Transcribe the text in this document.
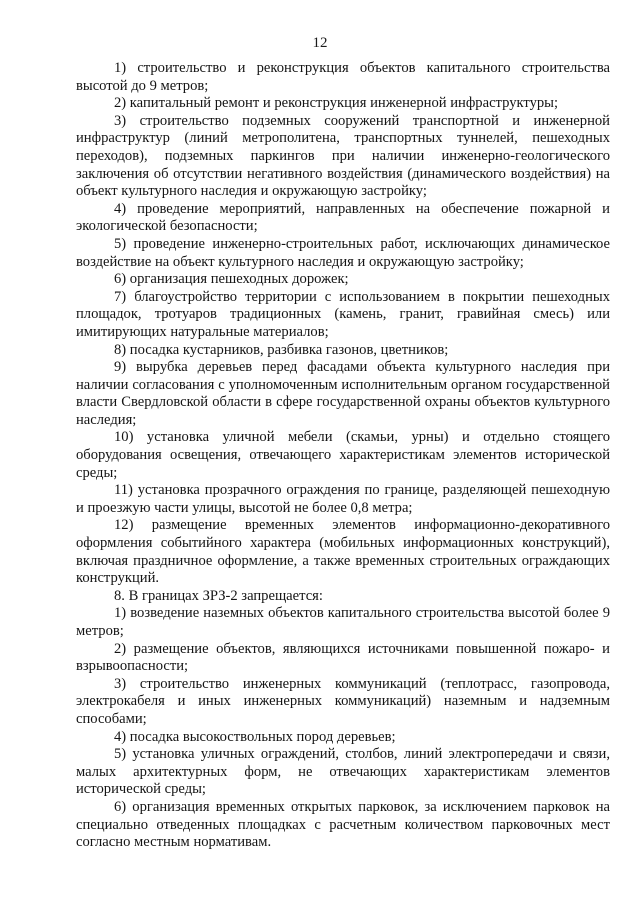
12

1) строительство и реконструкция объектов капитального строительства высотой до 9 метров;

2) капитальный ремонт и реконструкция инженерной инфраструктуры;

3) строительство подземных сооружений транспортной и инженерной инфраструктур (линий метрополитена, транспортных туннелей, пешеходных переходов), подземных паркингов при наличии инженерно-геологического заключения об отсутствии негативного воздействия (динамического воздействия) на объект культурного наследия и окружающую застройку;

4) проведение мероприятий, направленных на обеспечение пожарной и экологической безопасности;

5) проведение инженерно-строительных работ, исключающих динамическое воздействие на объект культурного наследия и окружающую застройку;

6) организация пешеходных дорожек;

7) благоустройство территории с использованием в покрытии пешеходных площадок, тротуаров традиционных (камень, гранит, гравийная смесь) или имитирующих натуральные материалов;

8) посадка кустарников, разбивка газонов, цветников;

9) вырубка деревьев перед фасадами объекта культурного наследия при наличии согласования с уполномоченным исполнительным органом государственной власти Свердловской области в сфере государственной охраны объектов культурного наследия;

10) установка уличной мебели (скамьи, урны) и отдельно стоящего оборудования освещения, отвечающего характеристикам элементов исторической среды;

11) установка прозрачного ограждения по границе, разделяющей пешеходную и проезжую части улицы, высотой не более 0,8 метра;

12) размещение временных элементов информационно-декоративного оформления событийного характера (мобильных информационных конструкций), включая праздничное оформление, а также временных строительных ограждающих конструкций.

8. В границах ЗРЗ-2 запрещается:

1) возведение наземных объектов капитального строительства высотой более 9 метров;

2) размещение объектов, являющихся источниками повышенной пожаро- и взрывоопасности;

3) строительство инженерных коммуникаций (теплотрасс, газопровода, электрокабеля и иных инженерных коммуникаций) наземным и надземным способами;

4) посадка высокоствольных пород деревьев;

5) установка уличных ограждений, столбов, линий электропередачи и связи, малых архитектурных форм, не отвечающих характеристикам элементов исторической среды;

6) организация временных открытых парковок, за исключением парковок на специально отведенных площадках с расчетным количеством парковочных мест согласно местным нормативам.
